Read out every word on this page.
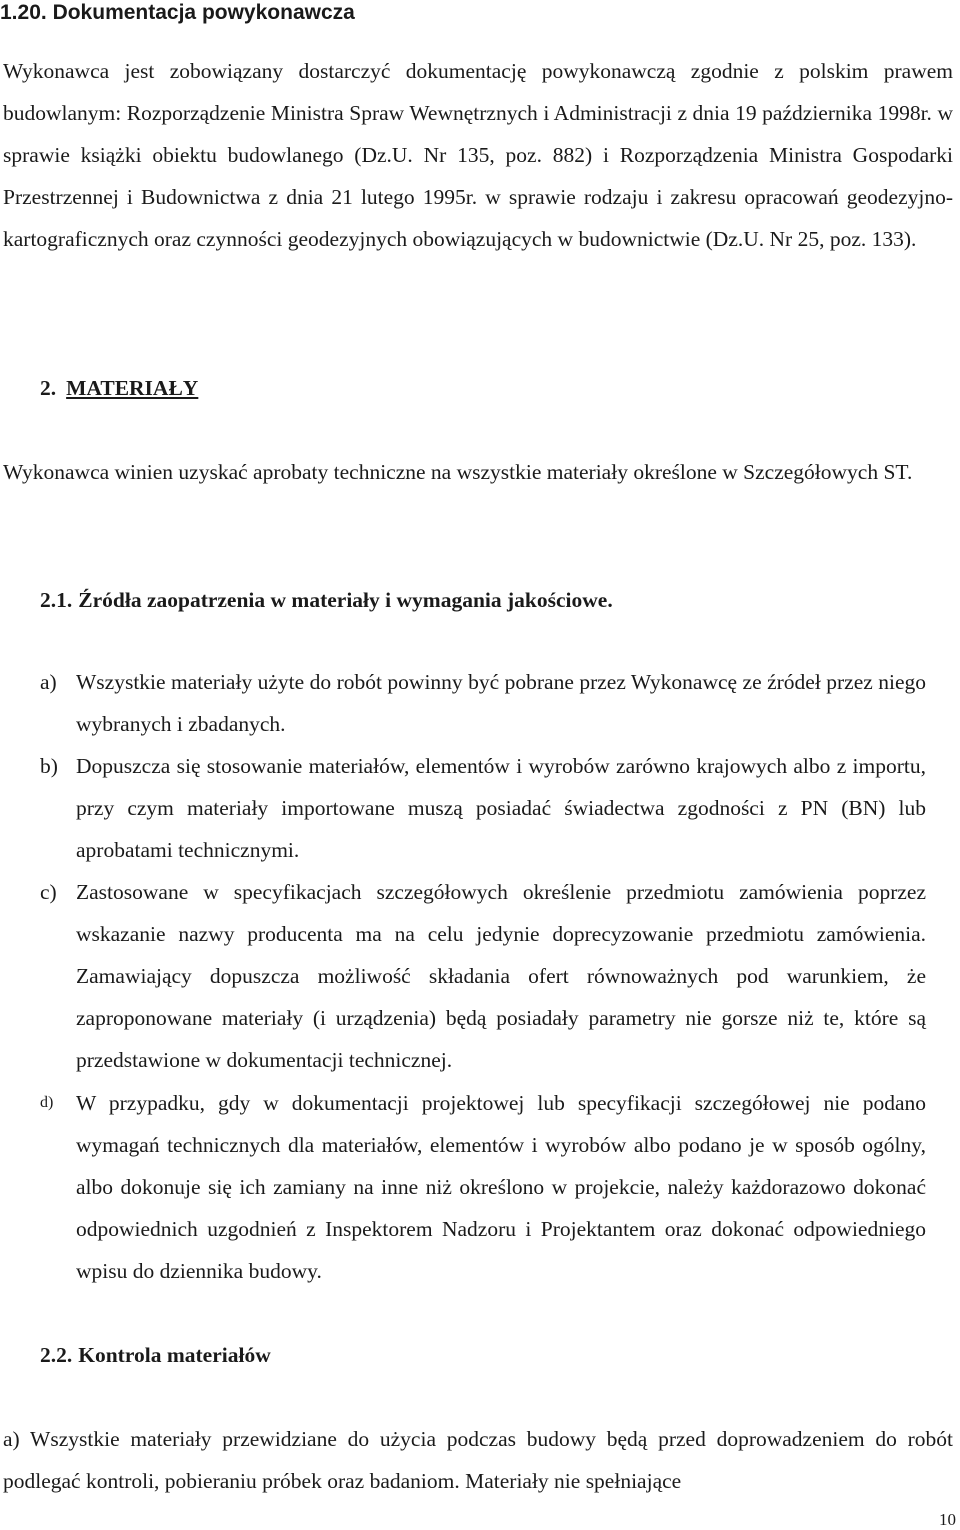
1.20. Dokumentacja powykonawcza

Wykonawca jest zobowiązany dostarczyć dokumentację powykonawczą zgodnie z polskim prawem budowlanym: Rozporządzenie Ministra Spraw Wewnętrznych i Administracji z dnia 19 października 1998r. w sprawie książki obiektu budowlanego (Dz.U. Nr 135, poz. 882) i Rozporządzenia Ministra Gospodarki Przestrzennej i Budownictwa z dnia 21 lutego 1995r. w sprawie rodzaju i zakresu opracowań geodezyjno-kartograficznych oraz czynności geodezyjnych obowiązujących w budownictwie (Dz.U. Nr 25, poz. 133).

2. MATERIAŁY

Wykonawca winien uzyskać aprobaty techniczne na wszystkie materiały określone w Szczegółowych ST.

2.1. Źródła zaopatrzenia w materiały i wymagania jakościowe.
a) Wszystkie materiały użyte do robót powinny być pobrane przez Wykonawcę ze źródeł przez niego wybranych i zbadanych.
b) Dopuszcza się stosowanie materiałów, elementów i wyrobów zarówno krajowych albo z importu, przy czym materiały importowane muszą posiadać świadectwa zgodności z PN (BN) lub aprobatami technicznymi.
c) Zastosowane w specyfikacjach szczegółowych określenie przedmiotu zamówienia poprzez wskazanie nazwy producenta ma na celu jedynie doprecyzowanie przedmiotu zamówienia. Zamawiający dopuszcza możliwość składania ofert równoważnych pod warunkiem, że zaproponowane materiały (i urządzenia) będą posiadały parametry nie gorsze niż te, które są przedstawione w dokumentacji technicznej.
d) W przypadku, gdy w dokumentacji projektowej lub specyfikacji szczegółowej nie podano wymagań technicznych dla materiałów, elementów i wyrobów albo podano je w sposób ogólny, albo dokonuje się ich zamiany na inne niż określono w projekcie, należy każdorazowo dokonać odpowiednich uzgodnień z Inspektorem Nadzoru i Projektantem oraz dokonać odpowiedniego wpisu do dziennika budowy.
2.2. Kontrola materiałów

a) Wszystkie materiały przewidziane do użycia podczas budowy będą przed doprowadzeniem do robót podlegać kontroli, pobieraniu próbek oraz badaniom. Materiały nie spełniające

10
